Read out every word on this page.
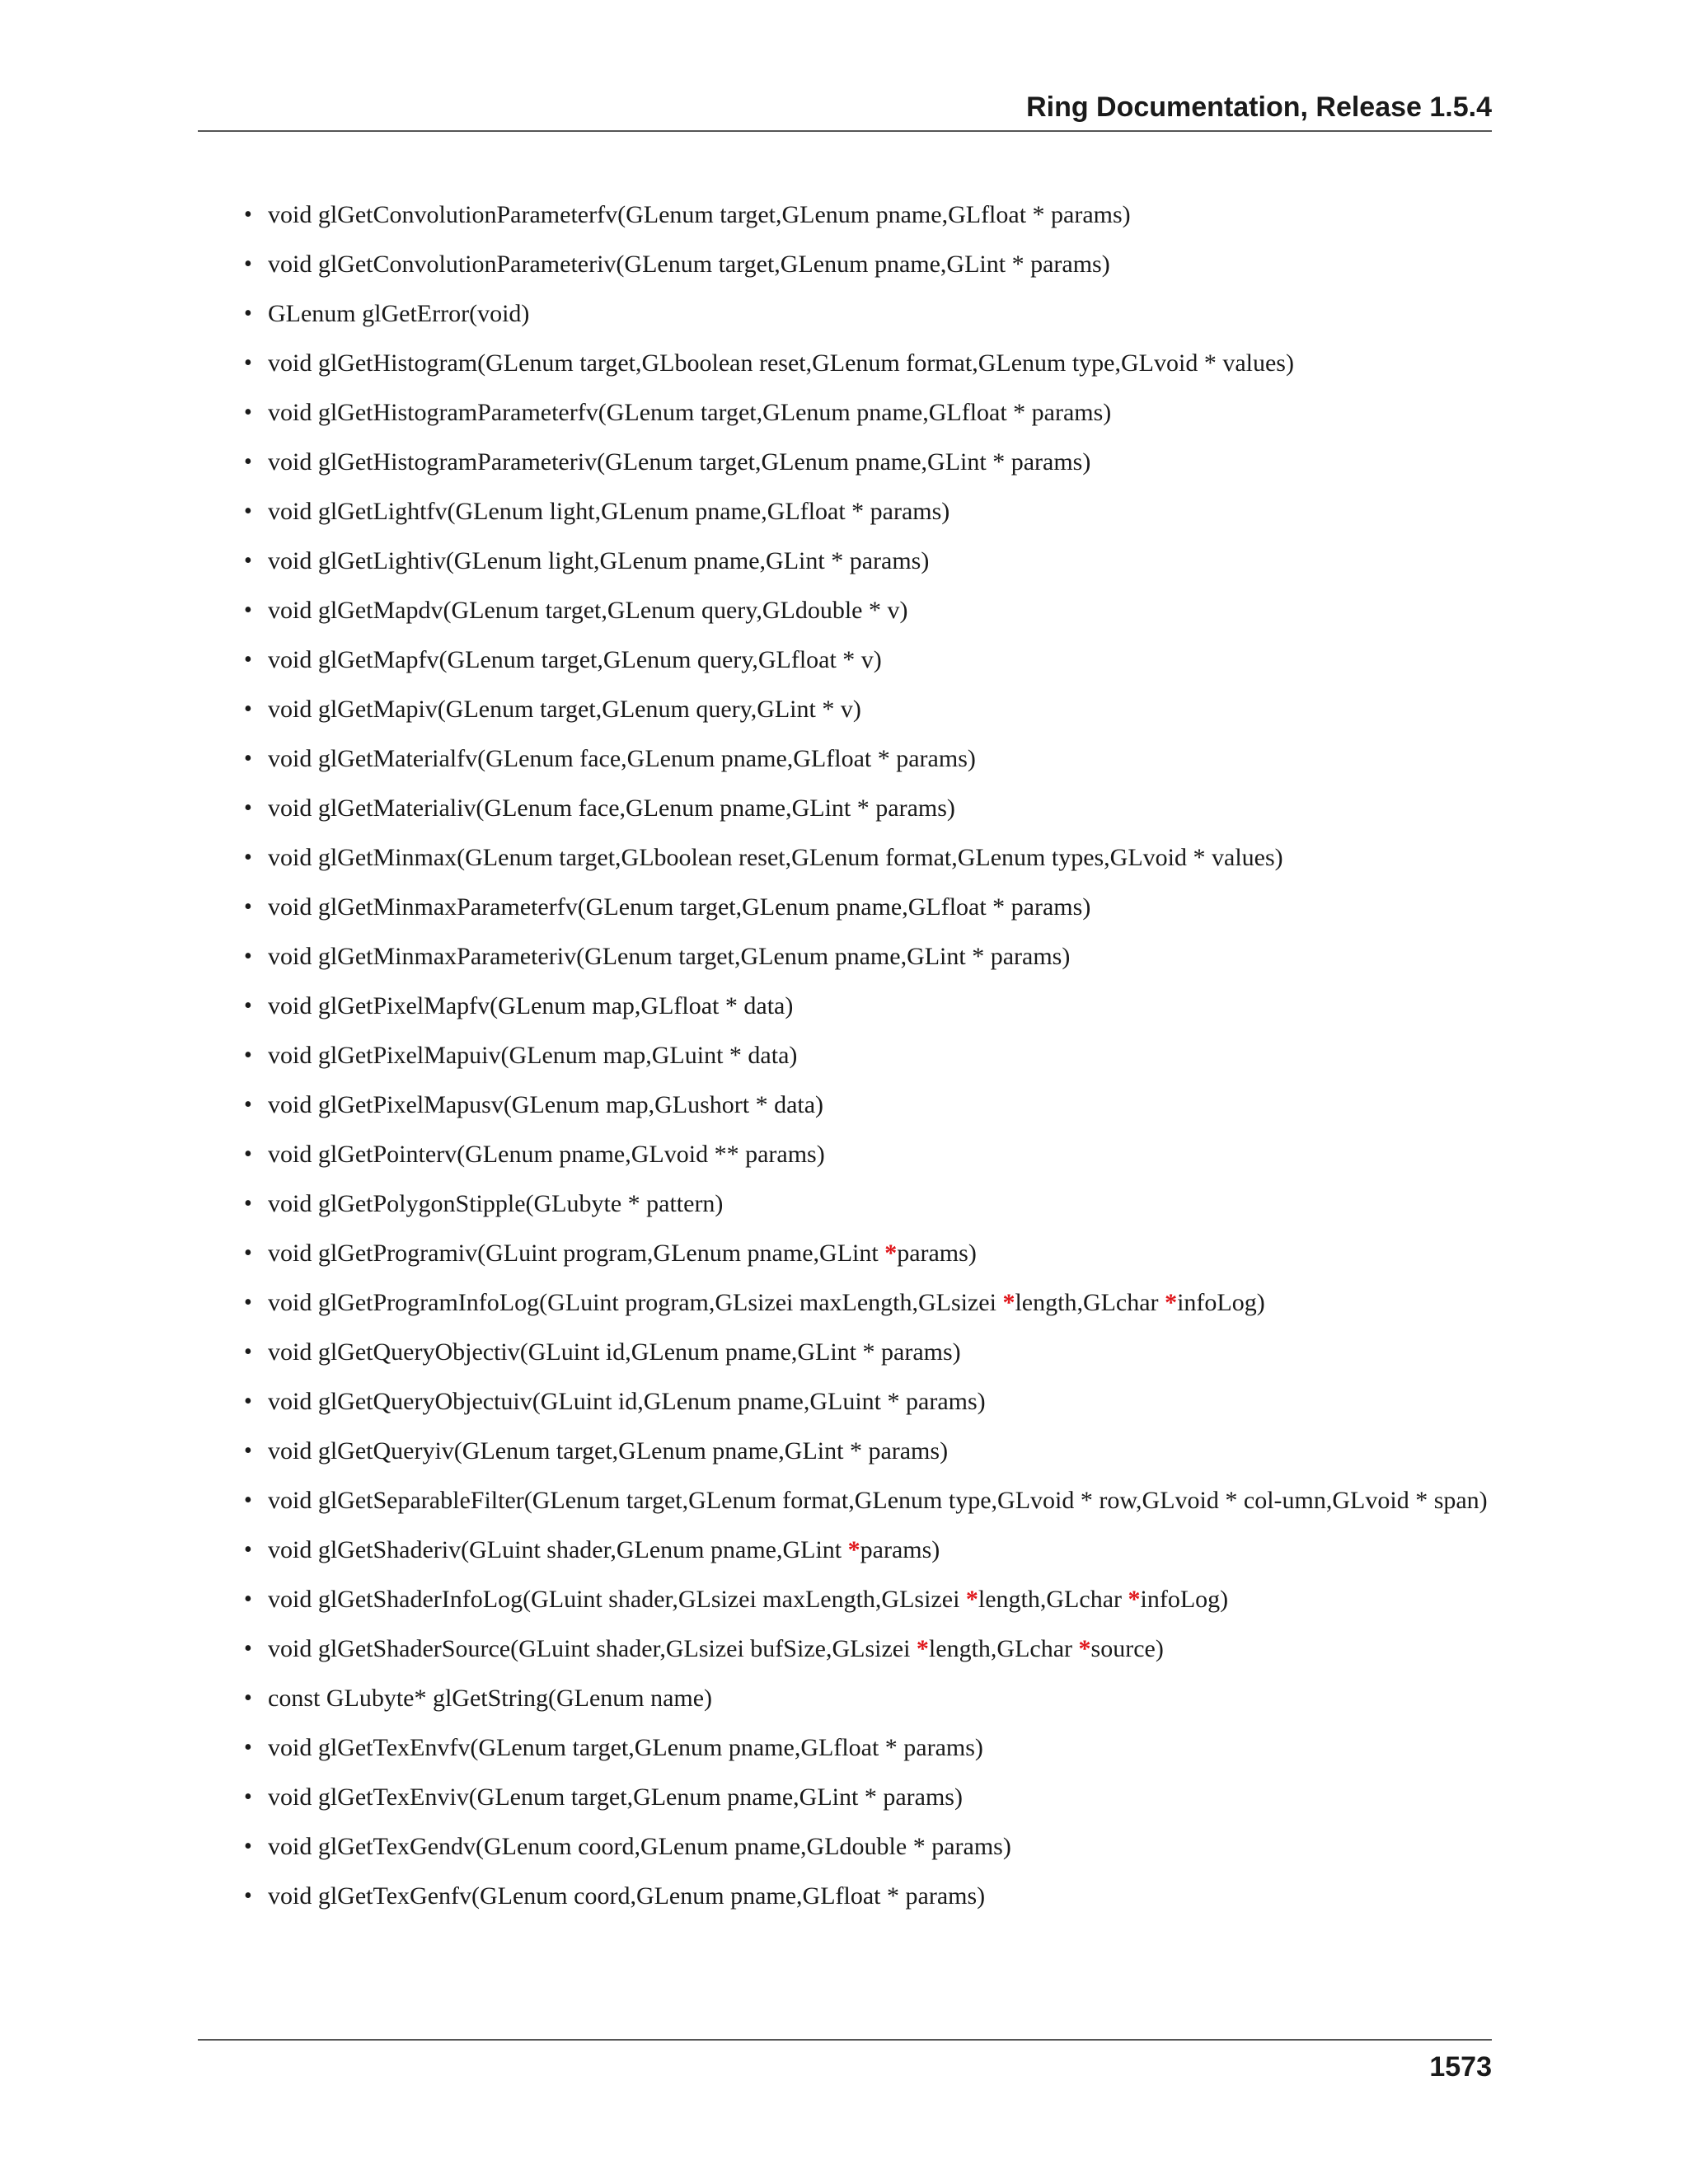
Ring Documentation, Release 1.5.4
• void glGetConvolutionParameterfv(GLenum target,GLenum pname,GLfloat * params)
• void glGetConvolutionParameteriv(GLenum target,GLenum pname,GLint * params)
• GLenum glGetError(void)
• void glGetHistogram(GLenum target,GLboolean reset,GLenum format,GLenum type,GLvoid * values)
• void glGetHistogramParameterfv(GLenum target,GLenum pname,GLfloat * params)
• void glGetHistogramParameteriv(GLenum target,GLenum pname,GLint * params)
• void glGetLightfv(GLenum light,GLenum pname,GLfloat * params)
• void glGetLightiv(GLenum light,GLenum pname,GLint * params)
• void glGetMapdv(GLenum target,GLenum query,GLdouble * v)
• void glGetMapfv(GLenum target,GLenum query,GLfloat * v)
• void glGetMapiv(GLenum target,GLenum query,GLint * v)
• void glGetMaterialfv(GLenum face,GLenum pname,GLfloat * params)
• void glGetMaterialiv(GLenum face,GLenum pname,GLint * params)
• void glGetMinmax(GLenum target,GLboolean reset,GLenum format,GLenum types,GLvoid * values)
• void glGetMinmaxParameterfv(GLenum target,GLenum pname,GLfloat * params)
• void glGetMinmaxParameteriv(GLenum target,GLenum pname,GLint * params)
• void glGetPixelMapfv(GLenum map,GLfloat * data)
• void glGetPixelMapuiv(GLenum map,GLuint * data)
• void glGetPixelMapusv(GLenum map,GLushort * data)
• void glGetPointerv(GLenum pname,GLvoid ** params)
• void glGetPolygonStipple(GLubyte * pattern)
• void glGetProgramiv(GLuint program,GLenum pname,GLint *params)
• void glGetProgramInfoLog(GLuint program,GLsizei maxLength,GLsizei *length,GLchar *infoLog)
• void glGetQueryObjectiv(GLuint id,GLenum pname,GLint * params)
• void glGetQueryObjectuiv(GLuint id,GLenum pname,GLuint * params)
• void glGetQueryiv(GLenum target,GLenum pname,GLint * params)
• void glGetSeparableFilter(GLenum target,GLenum format,GLenum type,GLvoid * row,GLvoid * col-umn,GLvoid * span)
• void glGetShaderiv(GLuint shader,GLenum pname,GLint *params)
• void glGetShaderInfoLog(GLuint shader,GLsizei maxLength,GLsizei *length,GLchar *infoLog)
• void glGetShaderSource(GLuint shader,GLsizei bufSize,GLsizei *length,GLchar *source)
• const GLubyte* glGetString(GLenum name)
• void glGetTexEnvfv(GLenum target,GLenum pname,GLfloat * params)
• void glGetTexEnviv(GLenum target,GLenum pname,GLint * params)
• void glGetTexGendv(GLenum coord,GLenum pname,GLdouble * params)
• void glGetTexGenfv(GLenum coord,GLenum pname,GLfloat * params)
1573
